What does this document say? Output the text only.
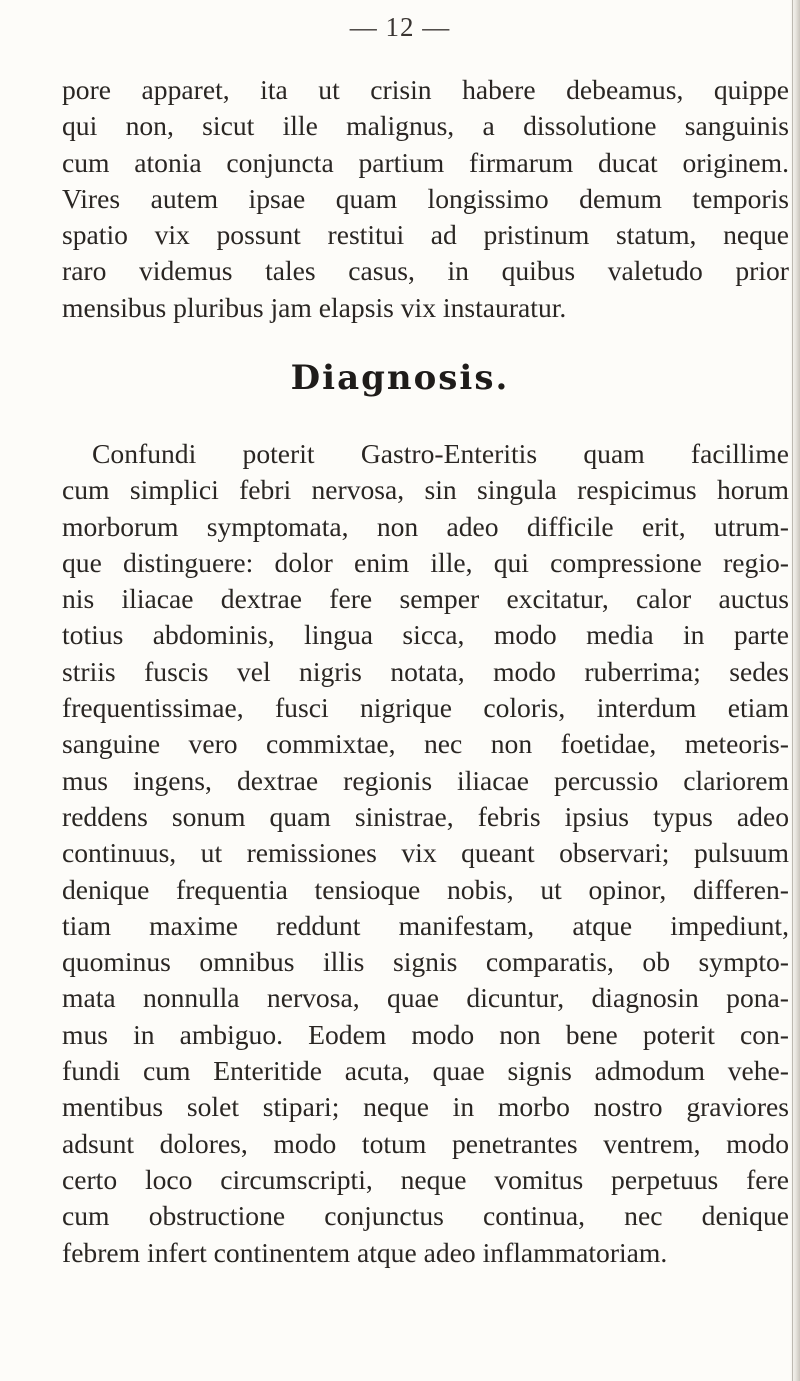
— 12 —
pore apparet, ita ut crisin habere debeamus, quippe
qui non, sicut ille malignus, a dissolutione sanguinis
cum atonia conjuncta partium firmarum ducat originem.
Vires autem ipsae quam longissimo demum temporis
spatio vix possunt restitui ad pristinum statum, neque
raro videmus tales casus, in quibus valetudo prior
mensibus pluribus jam elapsis vix instauratur.
Diagnosis.
Confundi poterit Gastro-Enteritis quam facillime
cum simplici febri nervosa, sin singula respicimus horum
morborum symptomata, non adeo difficile erit, utrum-
que distinguere: dolor enim ille, qui compressione regio-
nis iliacae dextrae fere semper excitatur, calor auctus
totius abdominis, lingua sicca, modo media in parte
striis fuscis vel nigris notata, modo ruberrima; sedes
frequentissimae, fusci nigrique coloris, interdum etiam
sanguine vero commixtae, nec non foetidae, meteoris-
mus ingens, dextrae regionis iliacae percussio clariorem
reddens sonum quam sinistrae, febris ipsius typus adeo
continuus, ut remissiones vix queant observari; pulsuum
denique frequentia tensioque nobis, ut opinor, differen-
tiam maxime reddunt manifestam, atque impediunt,
quominus omnibus illis signis comparatis, ob sympto-
mata nonnulla nervosa, quae dicuntur, diagnosin pona-
mus in ambiguo. Eodem modo non bene poterit con-
fundi cum Enteritide acuta, quae signis admodum vehe-
mentibus solet stipari; neque in morbo nostro graviores
adsunt dolores, modo totum penetrantes ventrem, modo
certo loco circumscripti, neque vomitus perpetuus fere
cum obstructione conjunctus continua, nec denique
febrem infert continentem atque adeo inflammatoriam.
